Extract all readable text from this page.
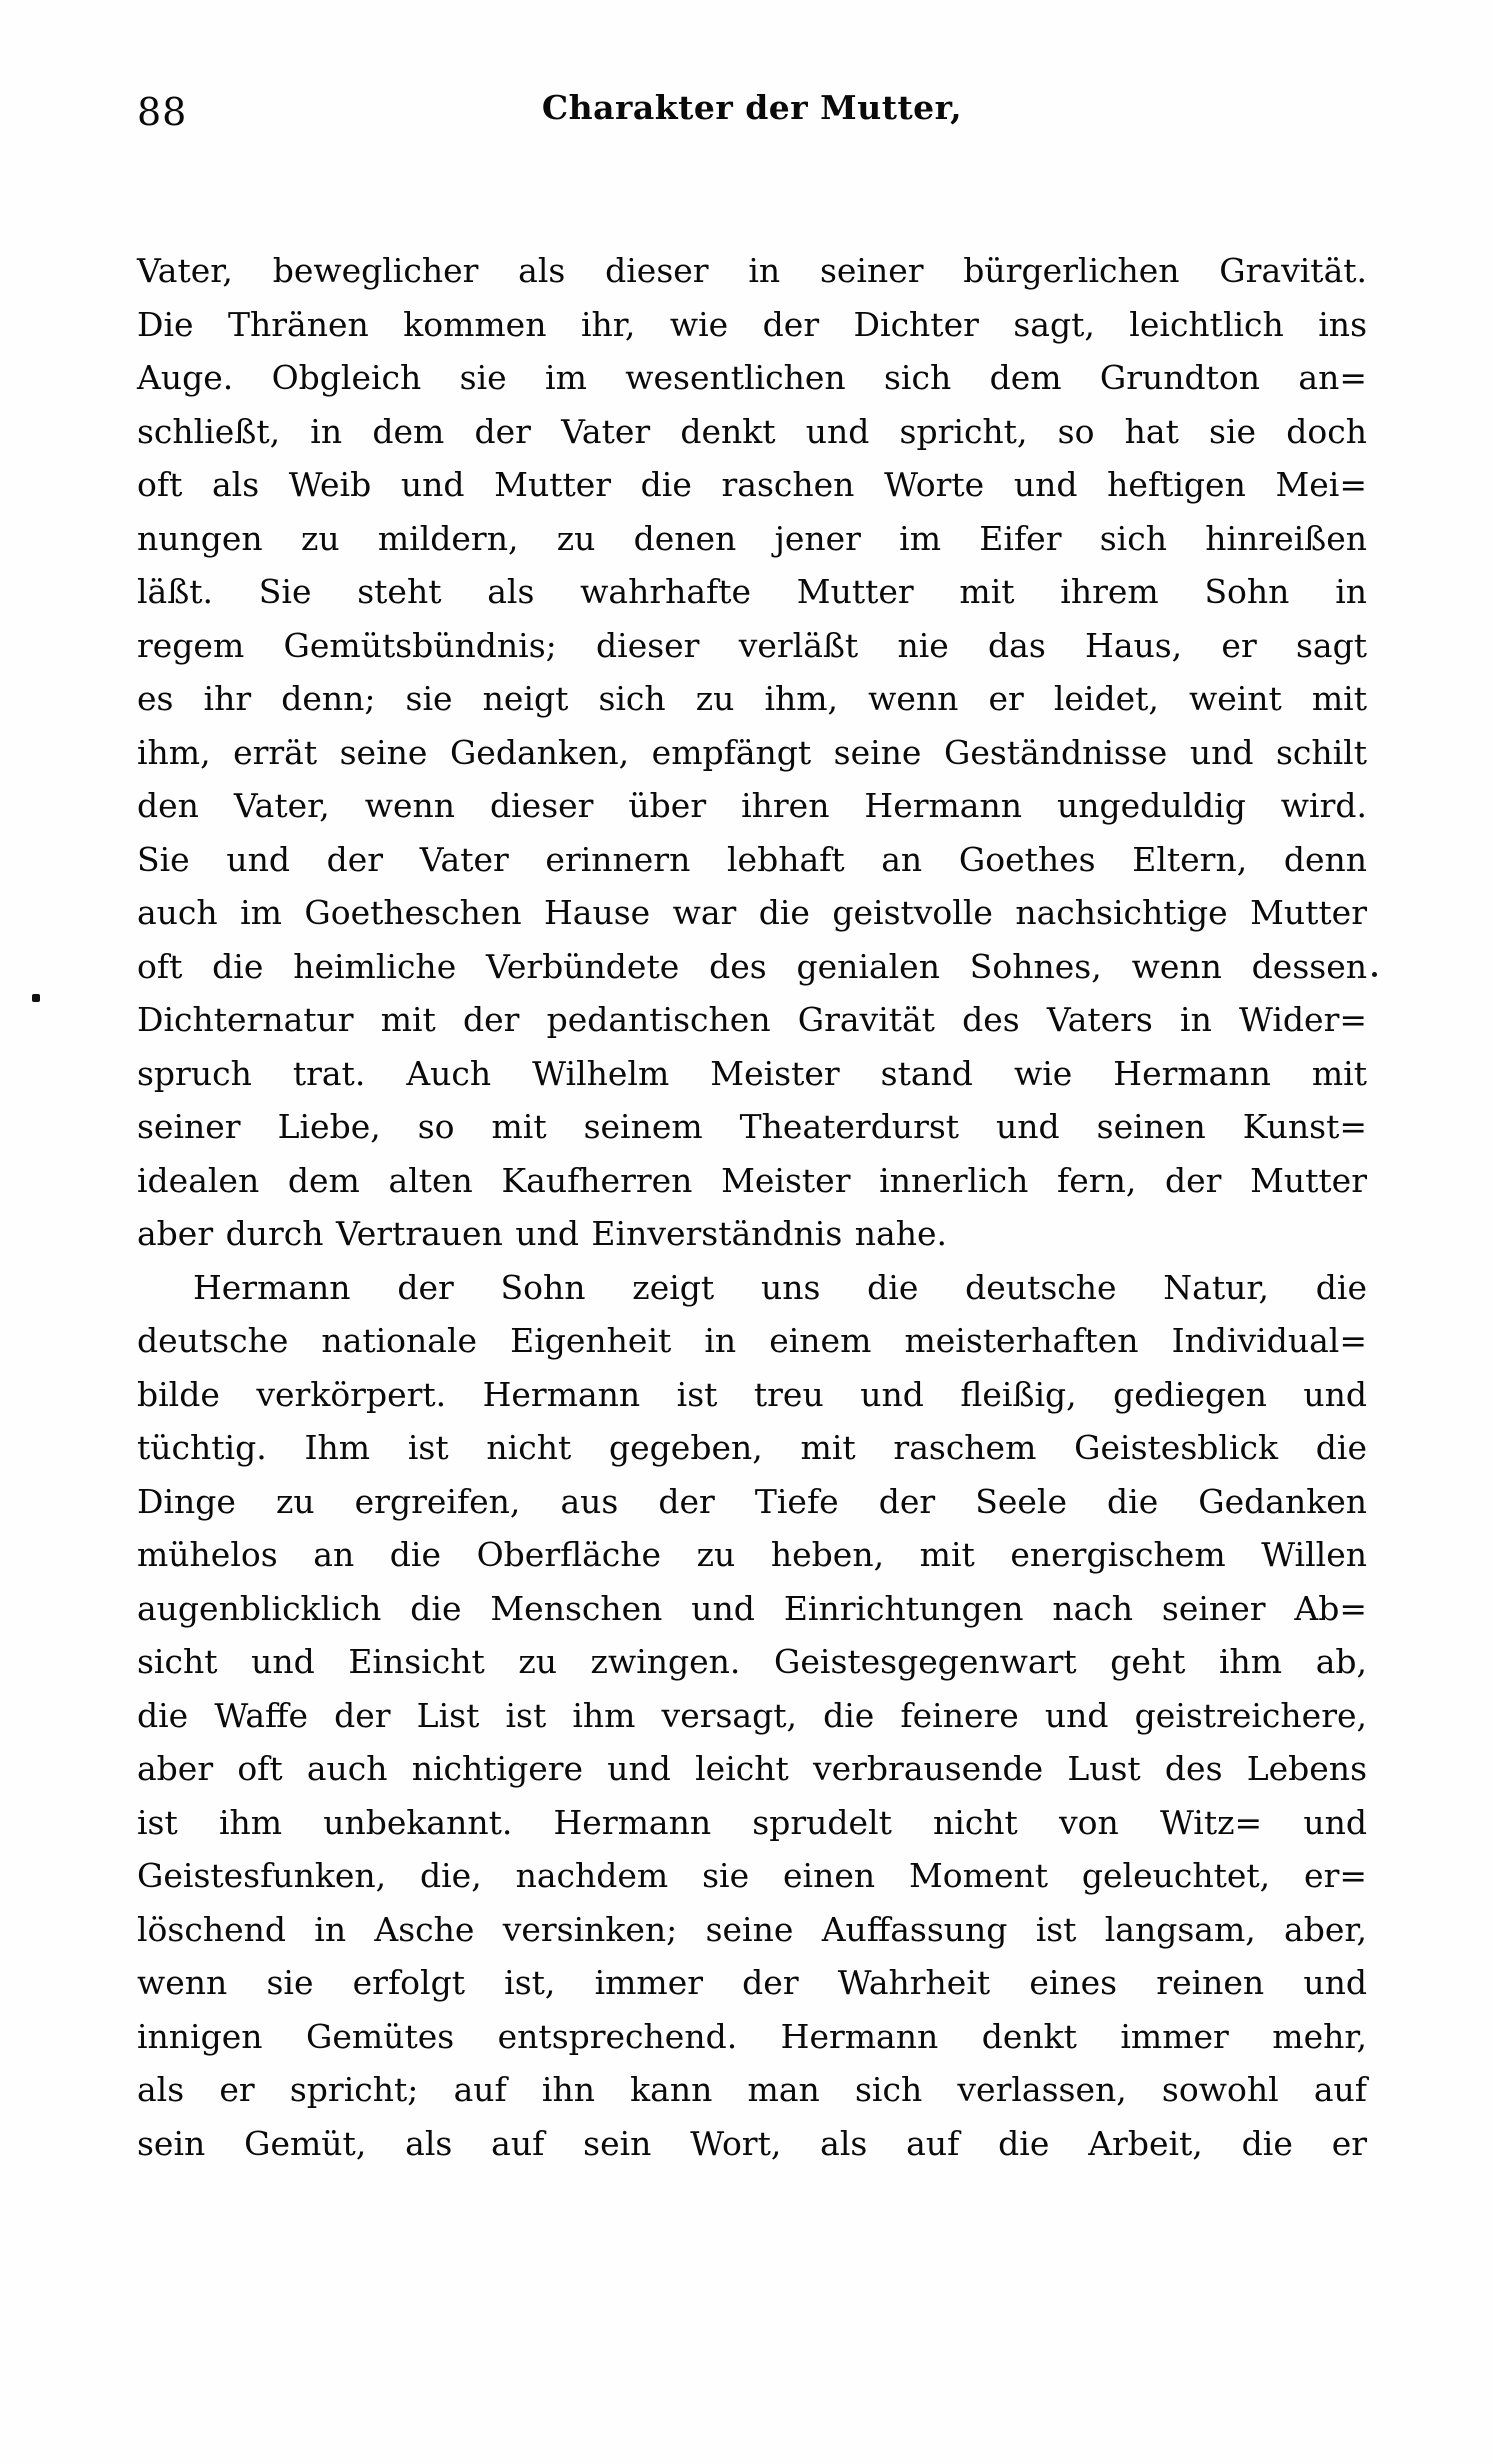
88	Charakter der Mutter,
Vater, beweglicher als dieser in seiner bürgerlichen Gravität.
Die Thränen kommen ihr, wie der Dichter sagt, leichtlich ins
Auge. Obgleich sie im wesentlichen sich dem Grundton an=
schließt, in dem der Vater denkt und spricht, so hat sie doch
oft als Weib und Mutter die raschen Worte und heftigen Mei=
nungen zu mildern, zu denen jener im Eifer sich hinreißen
läßt. Sie steht als wahrhafte Mutter mit ihrem Sohn in
regem Gemütsbündnis; dieser verläßt nie das Haus, er sagt
es ihr denn; sie neigt sich zu ihm, wenn er leidet, weint mit
ihm, errät seine Gedanken, empfängt seine Geständnisse und schilt
den Vater, wenn dieser über ihren Hermann ungeduldig wird.
Sie und der Vater erinnern lebhaft an Goethes Eltern, denn
auch im Goetheschen Hause war die geistvolle nachsichtige Mutter
oft die heimliche Verbündete des genialen Sohnes, wenn dessen
Dichternatur mit der pedantischen Gravität des Vaters in Wider=
spruch trat. Auch Wilhelm Meister stand wie Hermann mit
seiner Liebe, so mit seinem Theaterdurst und seinen Kunst=
idealen dem alten Kaufherren Meister innerlich fern, der Mutter
aber durch Vertrauen und Einverständnis nahe.
Hermann der Sohn zeigt uns die deutsche Natur, die
deutsche nationale Eigenheit in einem meisterhaften Individual=
bilde verkörpert. Hermann ist treu und fleißig, gediegen und
tüchtig. Ihm ist nicht gegeben, mit raschem Geistesblick die
Dinge zu ergreifen, aus der Tiefe der Seele die Gedanken
mühelos an die Oberfläche zu heben, mit energischem Willen
augenblicklich die Menschen und Einrichtungen nach seiner Ab=
sicht und Einsicht zu zwingen. Geistesgegenwart geht ihm ab,
die Waffe der List ist ihm versagt, die feinere und geistreichere,
aber oft auch nichtigere und leicht verbrausende Lust des Lebens
ist ihm unbekannt. Hermann sprudelt nicht von Witz= und
Geistesfunken, die, nachdem sie einen Moment geleuchtet, er=
löschend in Asche versinken; seine Auffassung ist langsam, aber,
wenn sie erfolgt ist, immer der Wahrheit eines reinen und
innigen Gemütes entsprechend. Hermann denkt immer mehr,
als er spricht; auf ihn kann man sich verlassen, sowohl auf
sein Gemüt, als auf sein Wort, als auf die Arbeit, die er
